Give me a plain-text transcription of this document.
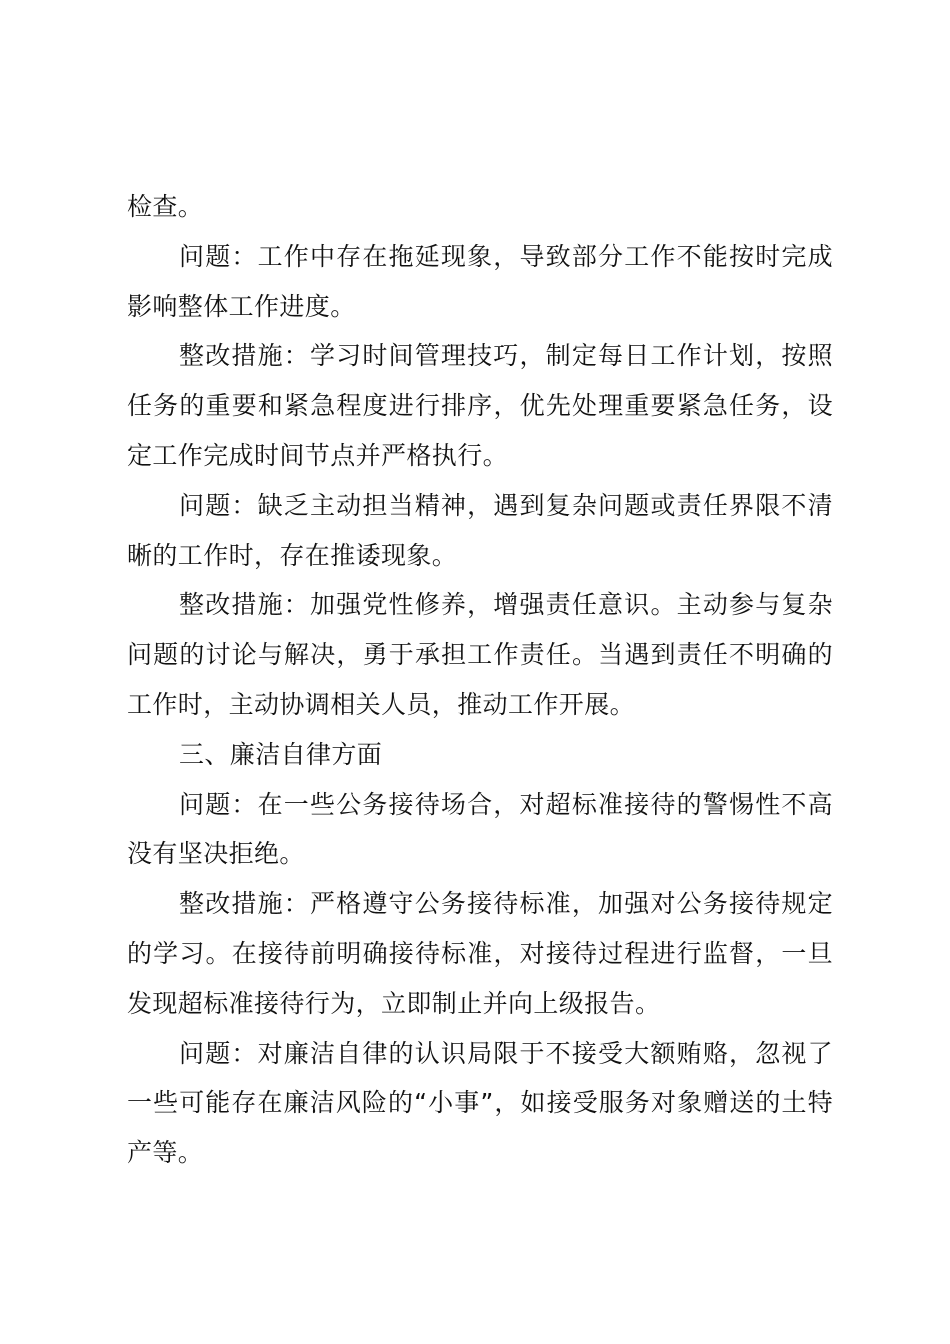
检查。

问题：工作中存在拖延现象，导致部分工作不能按时完成影响整体工作进度。

整改措施：学习时间管理技巧，制定每日工作计划，按照任务的重要和紧急程度进行排序，优先处理重要紧急任务，设定工作完成时间节点并严格执行。

问题：缺乏主动担当精神，遇到复杂问题或责任界限不清晰的工作时，存在推诿现象。

整改措施：加强党性修养，增强责任意识。主动参与复杂问题的讨论与解决，勇于承担工作责任。当遇到责任不明确的工作时，主动协调相关人员，推动工作开展。

三、廉洁自律方面

问题：在一些公务接待场合，对超标准接待的警惕性不高没有坚决拒绝。

整改措施：严格遵守公务接待标准，加强对公务接待规定的学习。在接待前明确接待标准，对接待过程进行监督，一旦发现超标准接待行为，立即制止并向上级报告。

问题：对廉洁自律的认识局限于不接受大额贿赂，忽视了一些可能存在廉洁风险的“小事”，如接受服务对象赠送的土特产等。
